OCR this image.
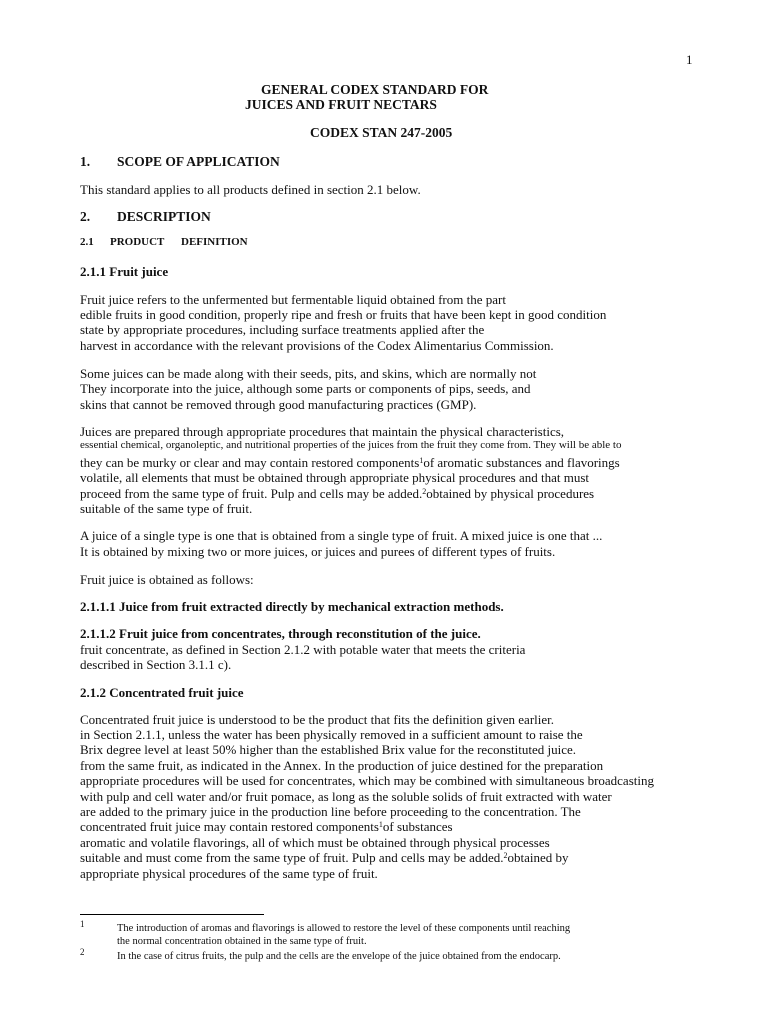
1
GENERAL CODEX STANDARD FOR
JUICES AND FRUIT NECTARS
CODEX STAN 247-2005
1. SCOPE OF APPLICATION
This standard applies to all products defined in section 2.1 below.
2. DESCRIPTION
2.1 PRODUCT DEFINITION
2.1.1 Fruit juice
Fruit juice refers to the unfermented but fermentable liquid obtained from the part
edible fruits in good condition, properly ripe and fresh or fruits that have been kept in good condition
state by appropriate procedures, including surface treatments applied after the
harvest in accordance with the relevant provisions of the Codex Alimentarius Commission.
Some juices can be made along with their seeds, pits, and skins, which are normally not
They incorporate into the juice, although some parts or components of pips, seeds, and
skins that cannot be removed through good manufacturing practices (GMP).
Juices are prepared through appropriate procedures that maintain the physical characteristics,
essential chemical, organoleptic, and nutritional properties of the juices from the fruit they come from. They will be able to
they can be murky or clear and may contain restored components$^1$of aromatic substances and flavorings
volatile, all elements that must be obtained through appropriate physical procedures and that must
proceed from the same type of fruit. Pulp and cells may be added.$^2$obtained by physical procedures
suitable of the same type of fruit.
A juice of a single type is one that is obtained from a single type of fruit. A mixed juice is one that ...
It is obtained by mixing two or more juices, or juices and purees of different types of fruits.
Fruit juice is obtained as follows:
2.1.1.1 Juice from fruit extracted directly by mechanical extraction methods.
2.1.1.2 Fruit juice from concentrates, through reconstitution of the juice.
fruit concentrate, as defined in Section 2.1.2 with potable water that meets the criteria
described in Section 3.1.1 c).
2.1.2 Concentrated fruit juice
Concentrated fruit juice is understood to be the product that fits the definition given earlier.
in Section 2.1.1, unless the water has been physically removed in a sufficient amount to raise the
Brix degree level at least 50% higher than the established Brix value for the reconstituted juice.
from the same fruit, as indicated in the Annex. In the production of juice destined for the preparation
appropriate procedures will be used for concentrates, which may be combined with simultaneous broadcasting
with pulp and cell water and/or fruit pomace, as long as the soluble solids of fruit extracted with water
are added to the primary juice in the production line before proceeding to the concentration. The
concentrated fruit juice may contain restored components$^1$of substances
aromatic and volatile flavorings, all of which must be obtained through physical processes
suitable and must come from the same type of fruit. Pulp and cells may be added.$^2$obtained by
appropriate physical procedures of the same type of fruit.
1	The introduction of aromas and flavorings is allowed to restore the level of these components until reaching
the normal concentration obtained in the same type of fruit.
2	In the case of citrus fruits, the pulp and the cells are the envelope of the juice obtained from the endocarp.
